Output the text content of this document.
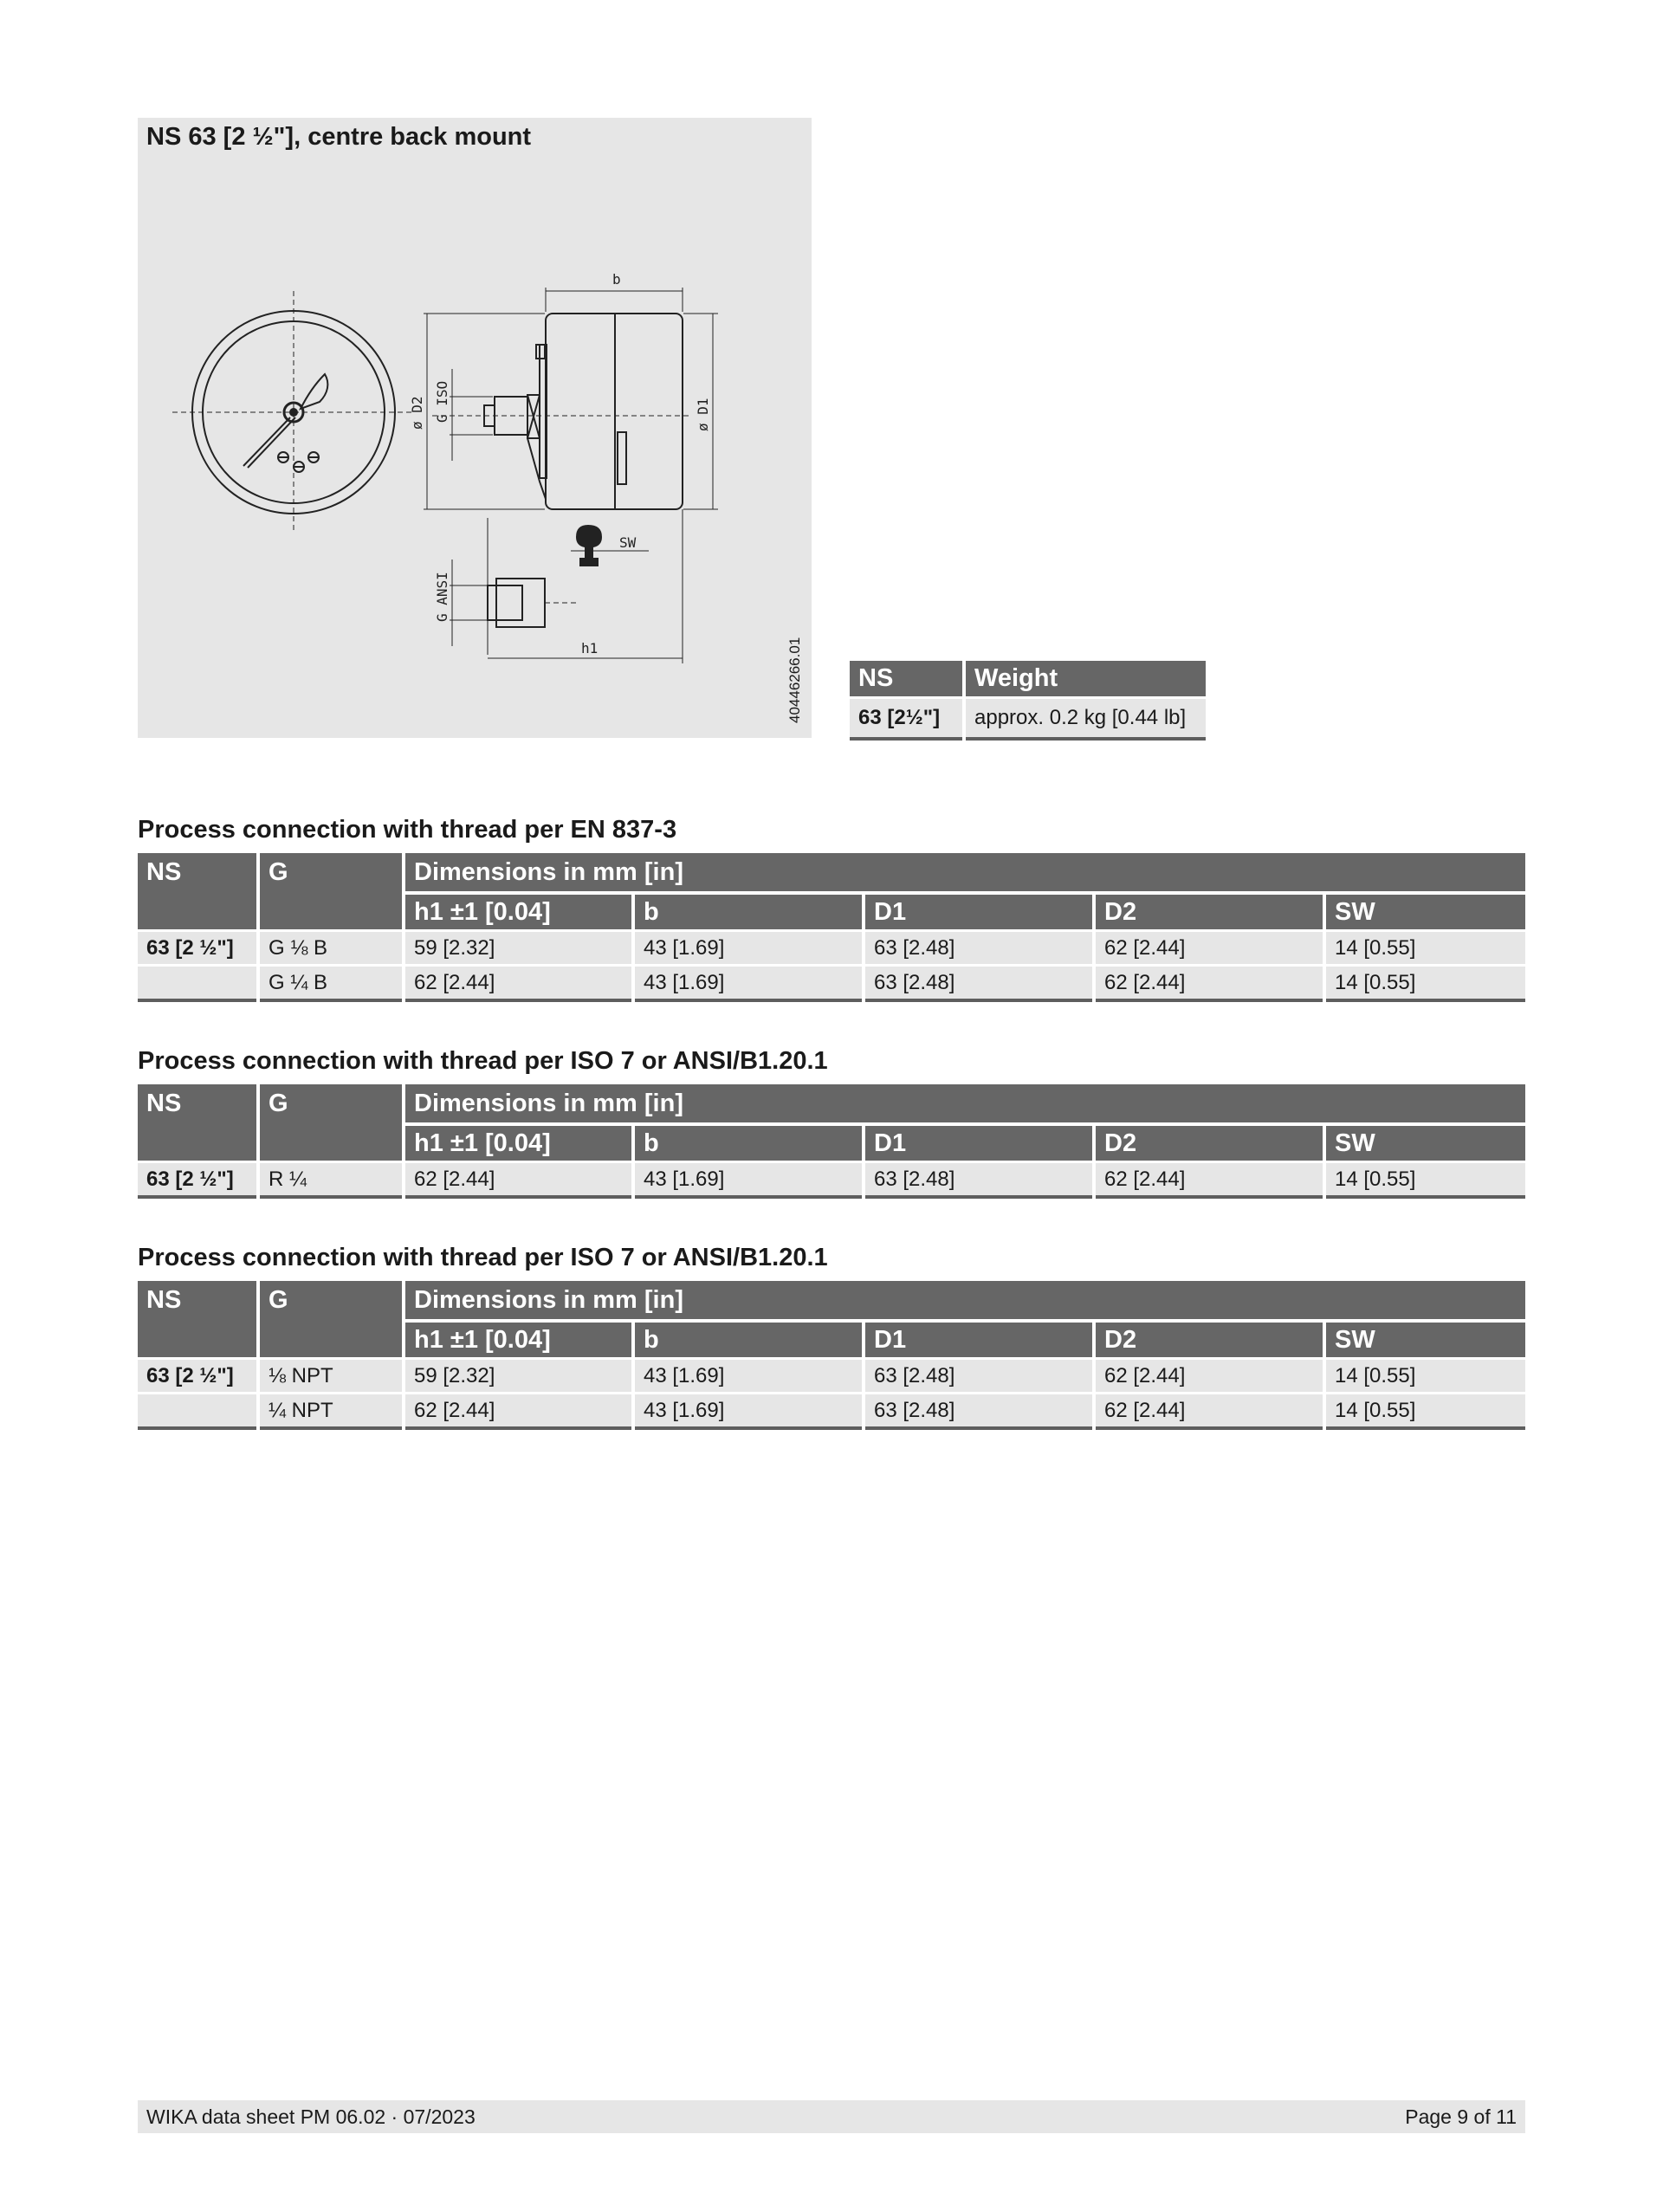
NS 63 [2 ½"], centre back mount
b
ø D2 G ISO	ø D1
SW
G ANSI
h1	40446266.01 NS	Weight
63 [2½"]	approx. 0.2 kg [0.44 lb]
Process connection with thread per EN 837-3
NS	G	Dimensions in mm [in]				
		h1 ±1 [0.04]	b	D1	D2	SW
63 [2 ½"]	G ⅛ B	59 [2.32]	43 [1.69]	63 [2.48]	62 [2.44]	14 [0.55]
	G ¼ B	62 [2.44]	43 [1.69]	63 [2.48]	62 [2.44]	14 [0.55]
Process connection with thread per ISO 7 or ANSI/B1.20.1
NS	G	Dimensions in mm [in]				
		h1 ±1 [0.04]	b	D1	D2	SW
63 [2 ½"]	R ¼	62 [2.44]	43 [1.69]	63 [2.48]	62 [2.44]	14 [0.55]
Process connection with thread per ISO 7 or ANSI/B1.20.1
NS	G	Dimensions in mm [in]				
		h1 ±1 [0.04]	b	D1	D2	SW
63 [2 ½"]	⅛ NPT	59 [2.32]	43 [1.69]	63 [2.48]	62 [2.44]	14 [0.55]
	¼ NPT	62 [2.44]	43 [1.69]	63 [2.48]	62 [2.44]	14 [0.55]
WIKA data sheet PM 06.02 · 07/2023	Page 9 of 11
